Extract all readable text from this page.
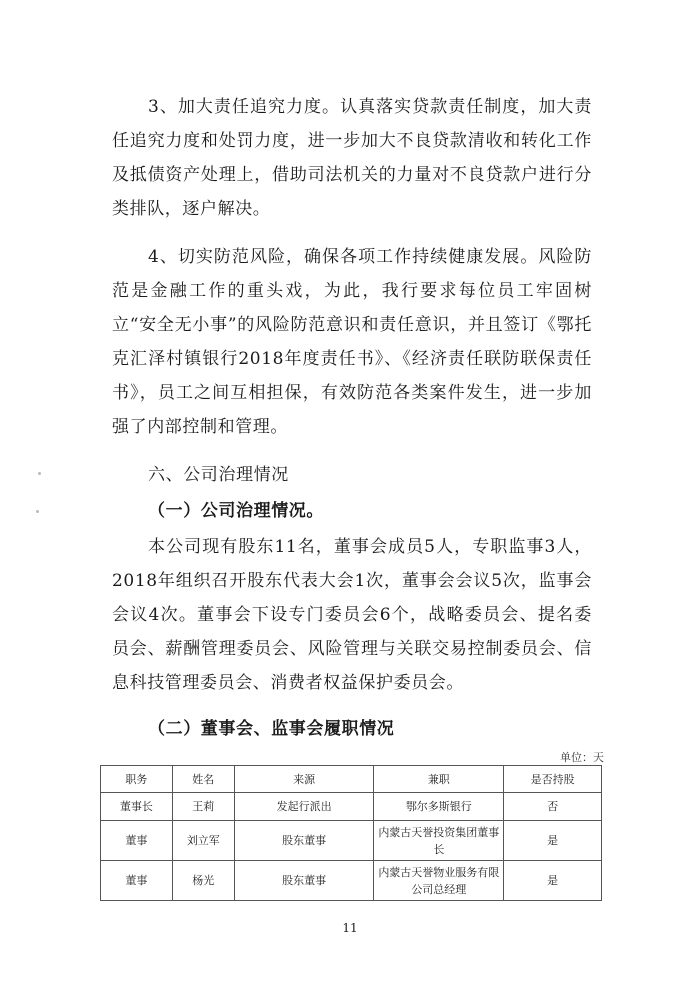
3、加大责任追究力度。认真落实贷款责任制度，加大责任追究力度和处罚力度，进一步加大不良贷款清收和转化工作及抵债资产处理上，借助司法机关的力量对不良贷款户进行分类排队，逐户解决。

4、切实防范风险，确保各项工作持续健康发展。风险防范是金融工作的重头戏，为此，我行要求每位员工牢固树立“安全无小事”的风险防范意识和责任意识，并且签订《鄂托克汇泽村镇银行2018年度责任书》、《经济责任联防联保责任书》，员工之间互相担保，有效防范各类案件发生，进一步加强了内部控制和管理。

六、公司治理情况

（一）公司治理情况。

本公司现有股东11名，董事会成员5人，专职监事3人，2018年组织召开股东代表大会1次，董事会会议5次，监事会会议4次。董事会下设专门委员会6个，战略委员会、提名委员会、薪酬管理委员会、风险管理与关联交易控制委员会、信息科技管理委员会、消费者权益保护委员会。

（二）董事会、监事会履职情况

单位：天
职务	姓名	来源	兼职	是否持股
董事长	王莉	发起行派出	鄂尔多斯银行	否
董事	刘立军	股东董事	内蒙古天誉投资集团董事长	是
董事	杨光	股东董事	内蒙古天誉物业服务有限公司总经理	是
11
